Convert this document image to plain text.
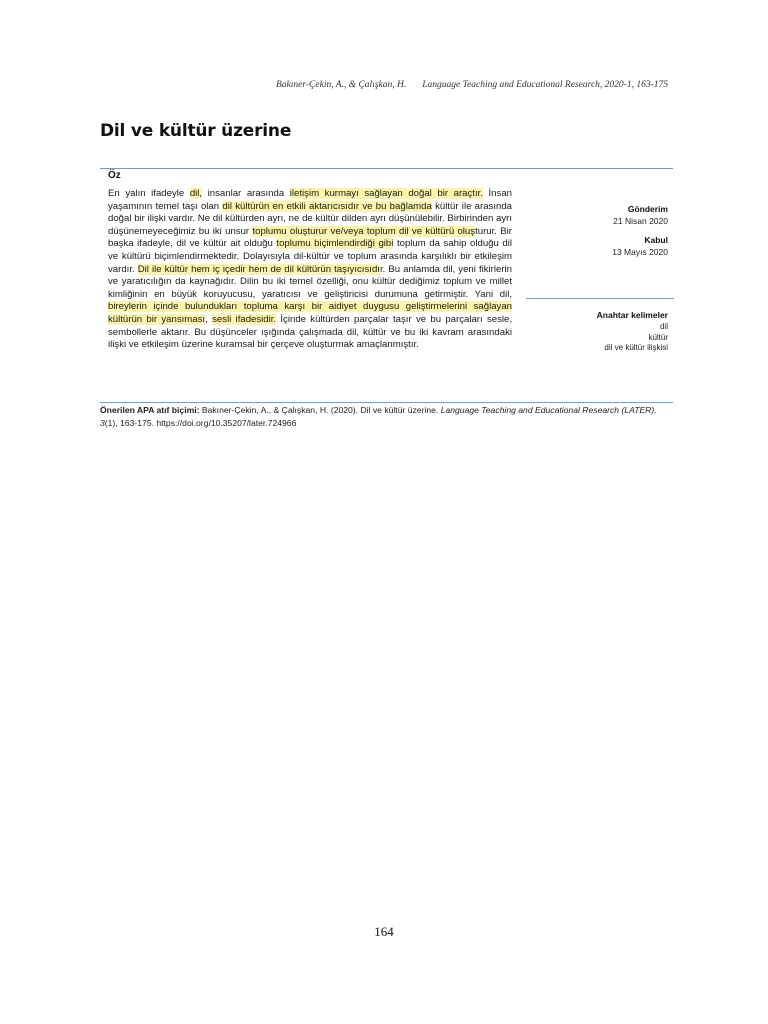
Bakıner-Çekin, A., & Çalışkan, H. Language Teaching and Educational Research, 2020-1, 163-175
Dil ve kültür üzerine
Öz
En yalın ifadeyle dil, insanlar arasında iletişim kurmayı sağlayan doğal bir araçtır. İnsan yaşamının temel taşı olan dil kültürün en etkili aktarıcısıdır ve bu bağlamda kültür ile arasında doğal bir ilişki vardır. Ne dil kültürden ayrı, ne de kültür dilden ayrı düşünülebilir. Birbirinden ayrı düşünemeyeceğimiz bu iki unsur toplumu oluşturur ve/veya toplum dil ve kültürü oluşturur. Bir başka ifadeyle, dil ve kültür ait olduğu toplumu biçimlendirdiği gibi toplum da sahip olduğu dil ve kültürü biçimlendirmektedir. Dolayısıyla dil-kültür ve toplum arasında karşılıklı bir etkileşim vardır. Dil ile kültür hem iç içedir hem de dil kültürün taşıyıcısıdır. Bu anlamda dil, yeni fikirlerin ve yaratıcılığın da kaynağıdır. Dilin bu iki temel özelliği, onu kültür dediğimiz toplum ve millet kimliğinin en büyük koruyucusu, yaratıcısı ve geliştiricisi durumuna getirmiştir. Yani dil, bireylerin içinde bulundukları topluma karşı bir aidiyet duygusu geliştirmelerini sağlayan kültürün bir yansıması, sesli ifadesidir. İçinde kültürden parçalar taşır ve bu parçaları sesle, sembollerle aktarır. Bu düşünceler ışığında çalışmada dil, kültür ve bu iki kavram arasındaki ilişki ve etkileşim üzerine kuramsal bir çerçeve oluşturmak amaçlanmıştır.
Gönderim
21 Nisan 2020
Kabul
13 Mayıs 2020
Anahtar kelimeler
dil
kültür
dil ve kültür ilişkisi
Önerilen APA atıf biçimi: Bakıner-Çekin, A., & Çalışkan, H. (2020). Dil ve kültür üzerine. Language Teaching and Educational Research (LATER), 3(1), 163-175. https://doi.org/10.35207/later.724966
164
